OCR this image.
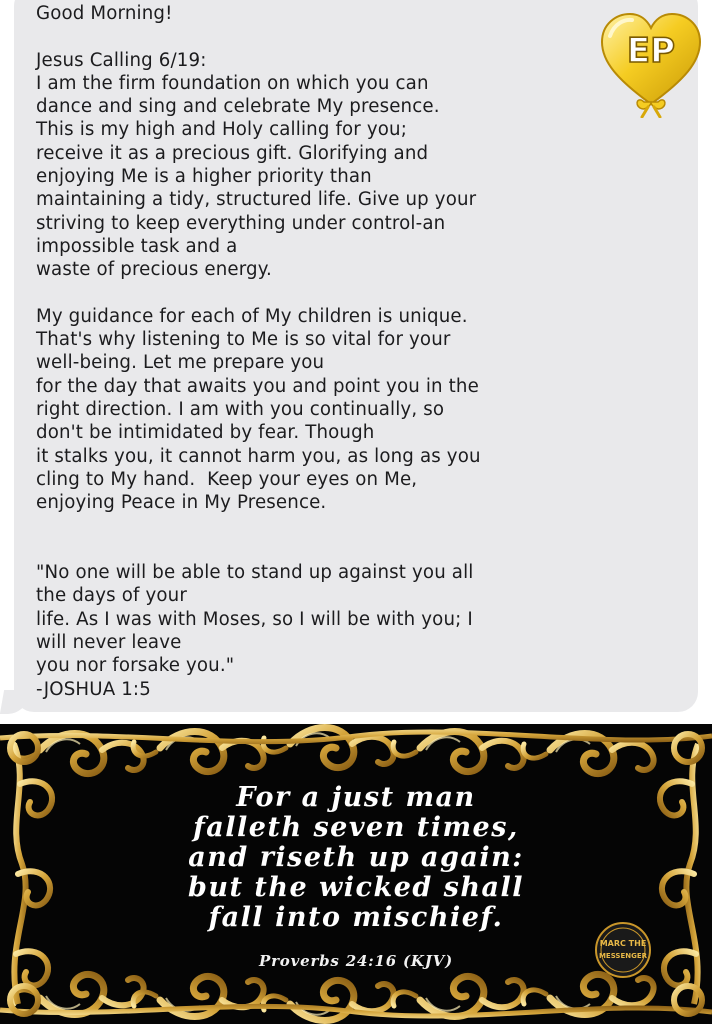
Good Morning!

Jesus Calling 6/19:
I am the firm foundation on which you can
dance and sing and celebrate My presence.
This is my high and Holy calling for you;
receive it as a precious gift. Glorifying and
enjoying Me is a higher priority than
maintaining a tidy, structured life. Give up your
striving to keep everything under control-an
impossible task and a
waste of precious energy.

My guidance for each of My children is unique.
That's why listening to Me is so vital for your
well-being. Let me prepare you
for the day that awaits you and point you in the
right direction. I am with you continually, so
don't be intimidated by fear. Though
it stalks you, it cannot harm you, as long as you
cling to My hand.  Keep your eyes on Me,
enjoying Peace in My Presence.

"No one will be able to stand up against you all
the days of your
life. As I was with Moses, so I will be with you; I
will never leave
you nor forsake you."
-JOSHUA 1:5
EP
For a just man
falleth seven times,
and riseth up again:
but the wicked shall
fall into mischief.
Proverbs 24:16 (KJV)
MARC THE
MESSENGER
